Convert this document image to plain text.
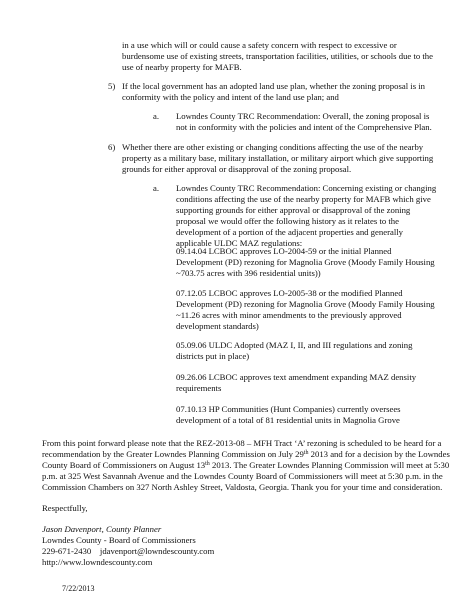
in a use which will or could cause a safety concern with respect to excessive or burdensome use of existing streets, transportation facilities, utilities, or schools due to the use of nearby property for MAFB.

5) If the local government has an adopted land use plan, whether the zoning proposal is in conformity with the policy and intent of the land use plan; and

a. Lowndes County TRC Recommendation: Overall, the zoning proposal is not in conformity with the policies and intent of the Comprehensive Plan.

6) Whether there are other existing or changing conditions affecting the use of the nearby property as a military base, military installation, or military airport which give supporting grounds for either approval or disapproval of the zoning proposal.

a. Lowndes County TRC Recommendation: Concerning existing or changing conditions affecting the use of the nearby property for MAFB which give supporting grounds for either approval or disapproval of the zoning proposal we would offer the following history as it relates to the development of a portion of the adjacent properties and generally applicable ULDC MAZ regulations:

09.14.04 LCBOC approves LO-2004-59 or the initial Planned Development (PD) rezoning for Magnolia Grove (Moody Family Housing ~703.75 acres with 396 residential units))

07.12.05 LCBOC approves LO-2005-38 or the modified Planned Development (PD) rezoning for Magnolia Grove (Moody Family Housing ~11.26 acres with minor amendments to the previously approved development standards)

05.09.06 ULDC Adopted (MAZ I, II, and III regulations and zoning districts put in place)

09.26.06 LCBOC approves text amendment expanding MAZ density requirements

07.10.13 HP Communities (Hunt Companies) currently oversees development of a total of 81 residential units in Magnolia Grove

From this point forward please note that the REZ-2013-08 – MFH Tract ‘A’ rezoning is scheduled to be heard for a recommendation by the Greater Lowndes Planning Commission on July 29th 2013 and for a decision by the Lowndes County Board of Commissioners on August 13th 2013. The Greater Lowndes Planning Commission will meet at 5:30 p.m. at 325 West Savannah Avenue and the Lowndes County Board of Commissioners will meet at 5:30 p.m. in the Commission Chambers on 327 North Ashley Street, Valdosta, Georgia. Thank you for your time and consideration.

Respectfully,

Jason Davenport, County Planner

Lowndes County - Board of Commissioners

229-671-2430 jdavenport@lowndescounty.com

http://www.lowndescounty.com

7/22/2013
